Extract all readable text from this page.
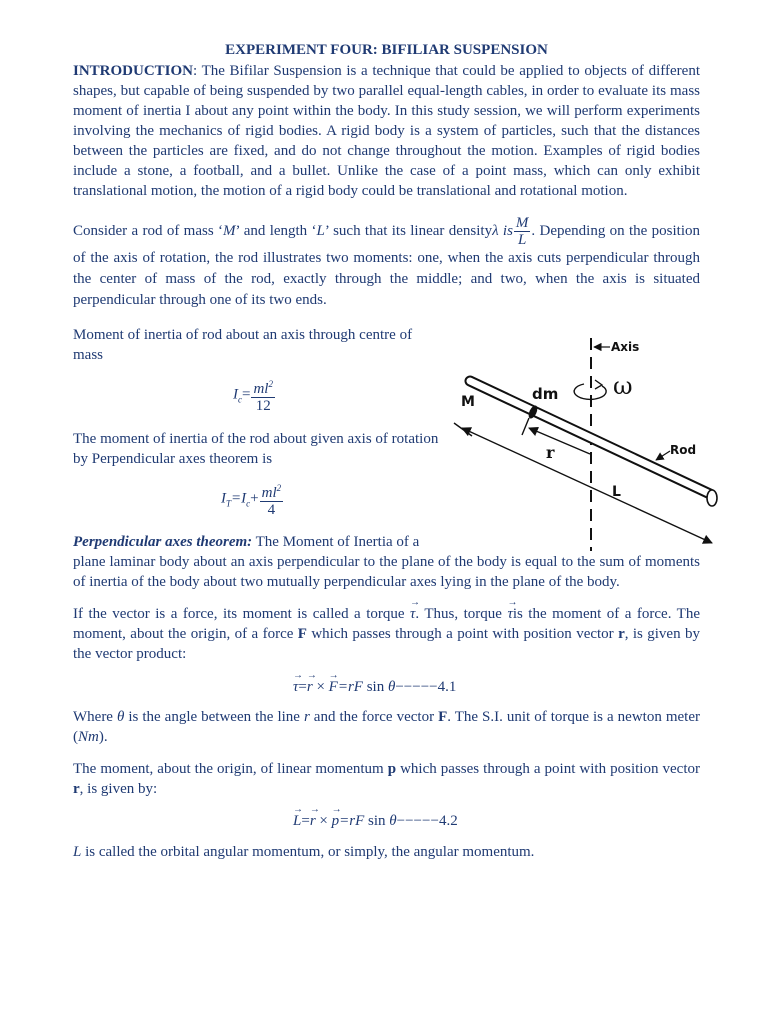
EXPERIMENT FOUR: BIFILIAR SUSPENSION

INTRODUCTION: The Bifilar Suspension is a technique that could be applied to objects of different shapes, but capable of being suspended by two parallel equal-length cables, in order to evaluate its mass moment of inertia I about any point within the body. In this study session, we will perform experiments involving the mechanics of rigid bodies. A rigid body is a system of particles, such that the distances between the particles are fixed, and do not change throughout the motion. Examples of rigid bodies include a stone, a football, and a bullet. Unlike the case of a point mass, which can only exhibit translational motion, the motion of a rigid body could be translational and rotational motion.

Consider a rod of mass ‘M’ and length ‘L’ such that its linear densityλ is $\frac{M}{L}$ . Depending on the position of the axis of rotation, the rod illustrates two moments: one, when the axis cuts perpendicular through the center of mass of the rod, exactly through the middle; and two, when the axis is situated perpendicular through one of its two ends.

Moment of inertia of rod about an axis through centre of mass

$I_c= \frac{ml^2}{12}$

The moment of inertia of the rod about given axis of rotation by Perpendicular axes theorem is

$I_T=I_c+ \frac{ml^2}{4}$

Perpendicular axes theorem: The Moment of Inertia of a

plane laminar body about an axis perpendicular to the plane of the body is equal to the sum of moments of inertia of the body about two mutually perpendicular axes lying in the plane of the body.

If the vector is a force, its moment is called a torque → τ. Thus, torque → τis the moment of a force. The moment, about the origin, of a force F which passes through a point with position vector r, is given by the vector product:

→ τ=→ r × → F=rF sin θ−−−−−4.1

Where θ is the angle between the line r and the force vector F. The S.I. unit of torque is a newton meter (Nm).

The moment, about the origin, of linear momentum p which passes through a point with position vector r, is given by:

→ L=→ r × → p=rF sin θ−−−−−4.2

L is called the orbital angular momentum, or simply, the angular momentum.

Axis
ω
dm
M
r
L
Rod
